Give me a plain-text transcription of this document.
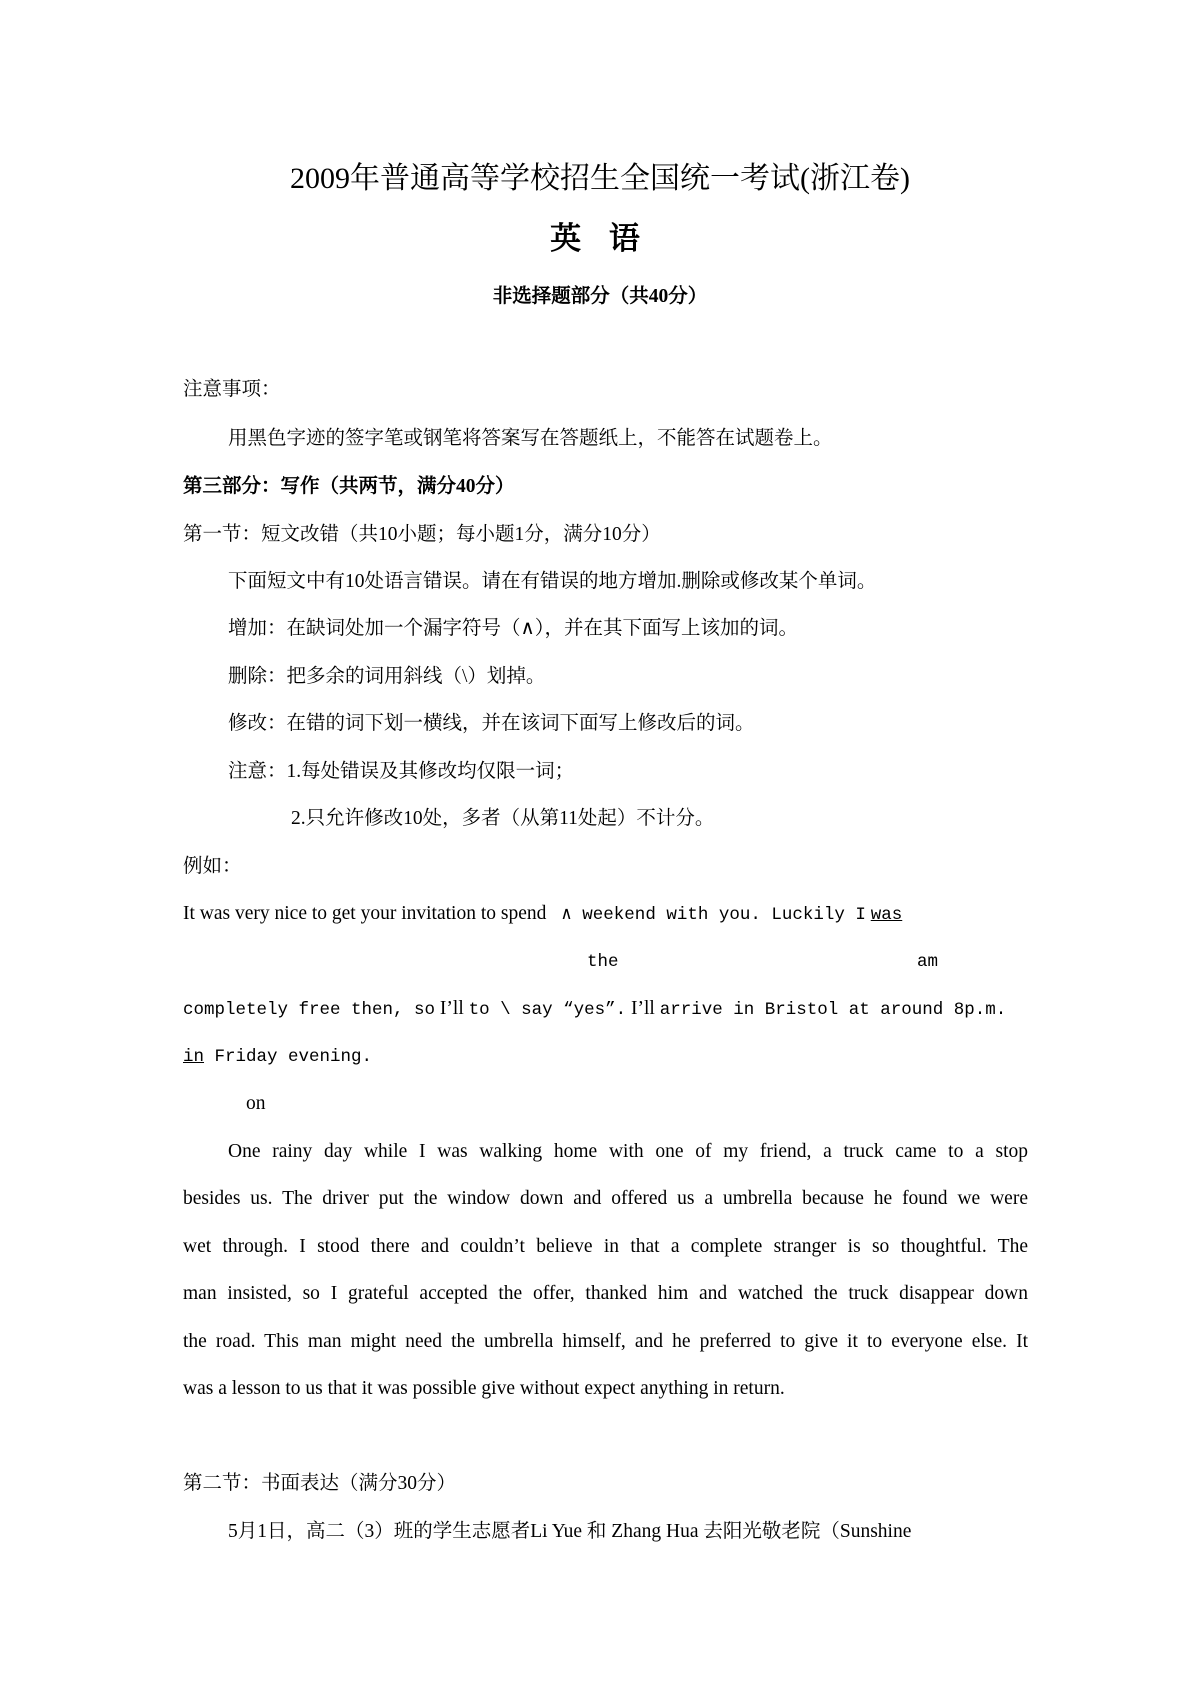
2009年普通高等学校招生全国统一考试(浙江卷)
英 语
非选择题部分（共40分）
注意事项：
用黑色字迹的签字笔或钢笔将答案写在答题纸上，不能答在试题卷上。
第三部分：写作（共两节，满分40分）
第一节：短文改错（共10小题；每小题1分，满分10分）
下面短文中有10处语言错误。请在有错误的地方增加.删除或修改某个单词。
增加：在缺词处加一个漏字符号（∧），并在其下面写上该加的词。
删除：把多余的词用斜线（\）划掉。
修改：在错的词下划一横线，并在该词下面写上修改后的词。
注意：1.每处错误及其修改均仅限一词；
2.只允许修改10处，多者（从第11处起）不计分。
例如：
It was very nice to get your invitation to spend ∧ weekend with you. Luckily I was
the	am
completely free then, so I’ll to \ say “yes”. I’ll arrive in Bristol at around 8p.m.
in Friday evening.
on
One rainy day while I was walking home with one of my friend, a truck came to a stop
besides us. The driver put the window down and offered us a umbrella because he found we were
wet through. I stood there and couldn’t believe in that a complete stranger is so thoughtful. The
man insisted, so I grateful accepted the offer, thanked him and watched the truck disappear down
the road. This man might need the umbrella himself, and he preferred to give it to everyone else. It
was a lesson to us that it was possible give without expect anything in return.
第二节：书面表达（满分30分）
5月1日，高二（3）班的学生志愿者Li Yue 和 Zhang Hua 去阳光敬老院（Sunshine
